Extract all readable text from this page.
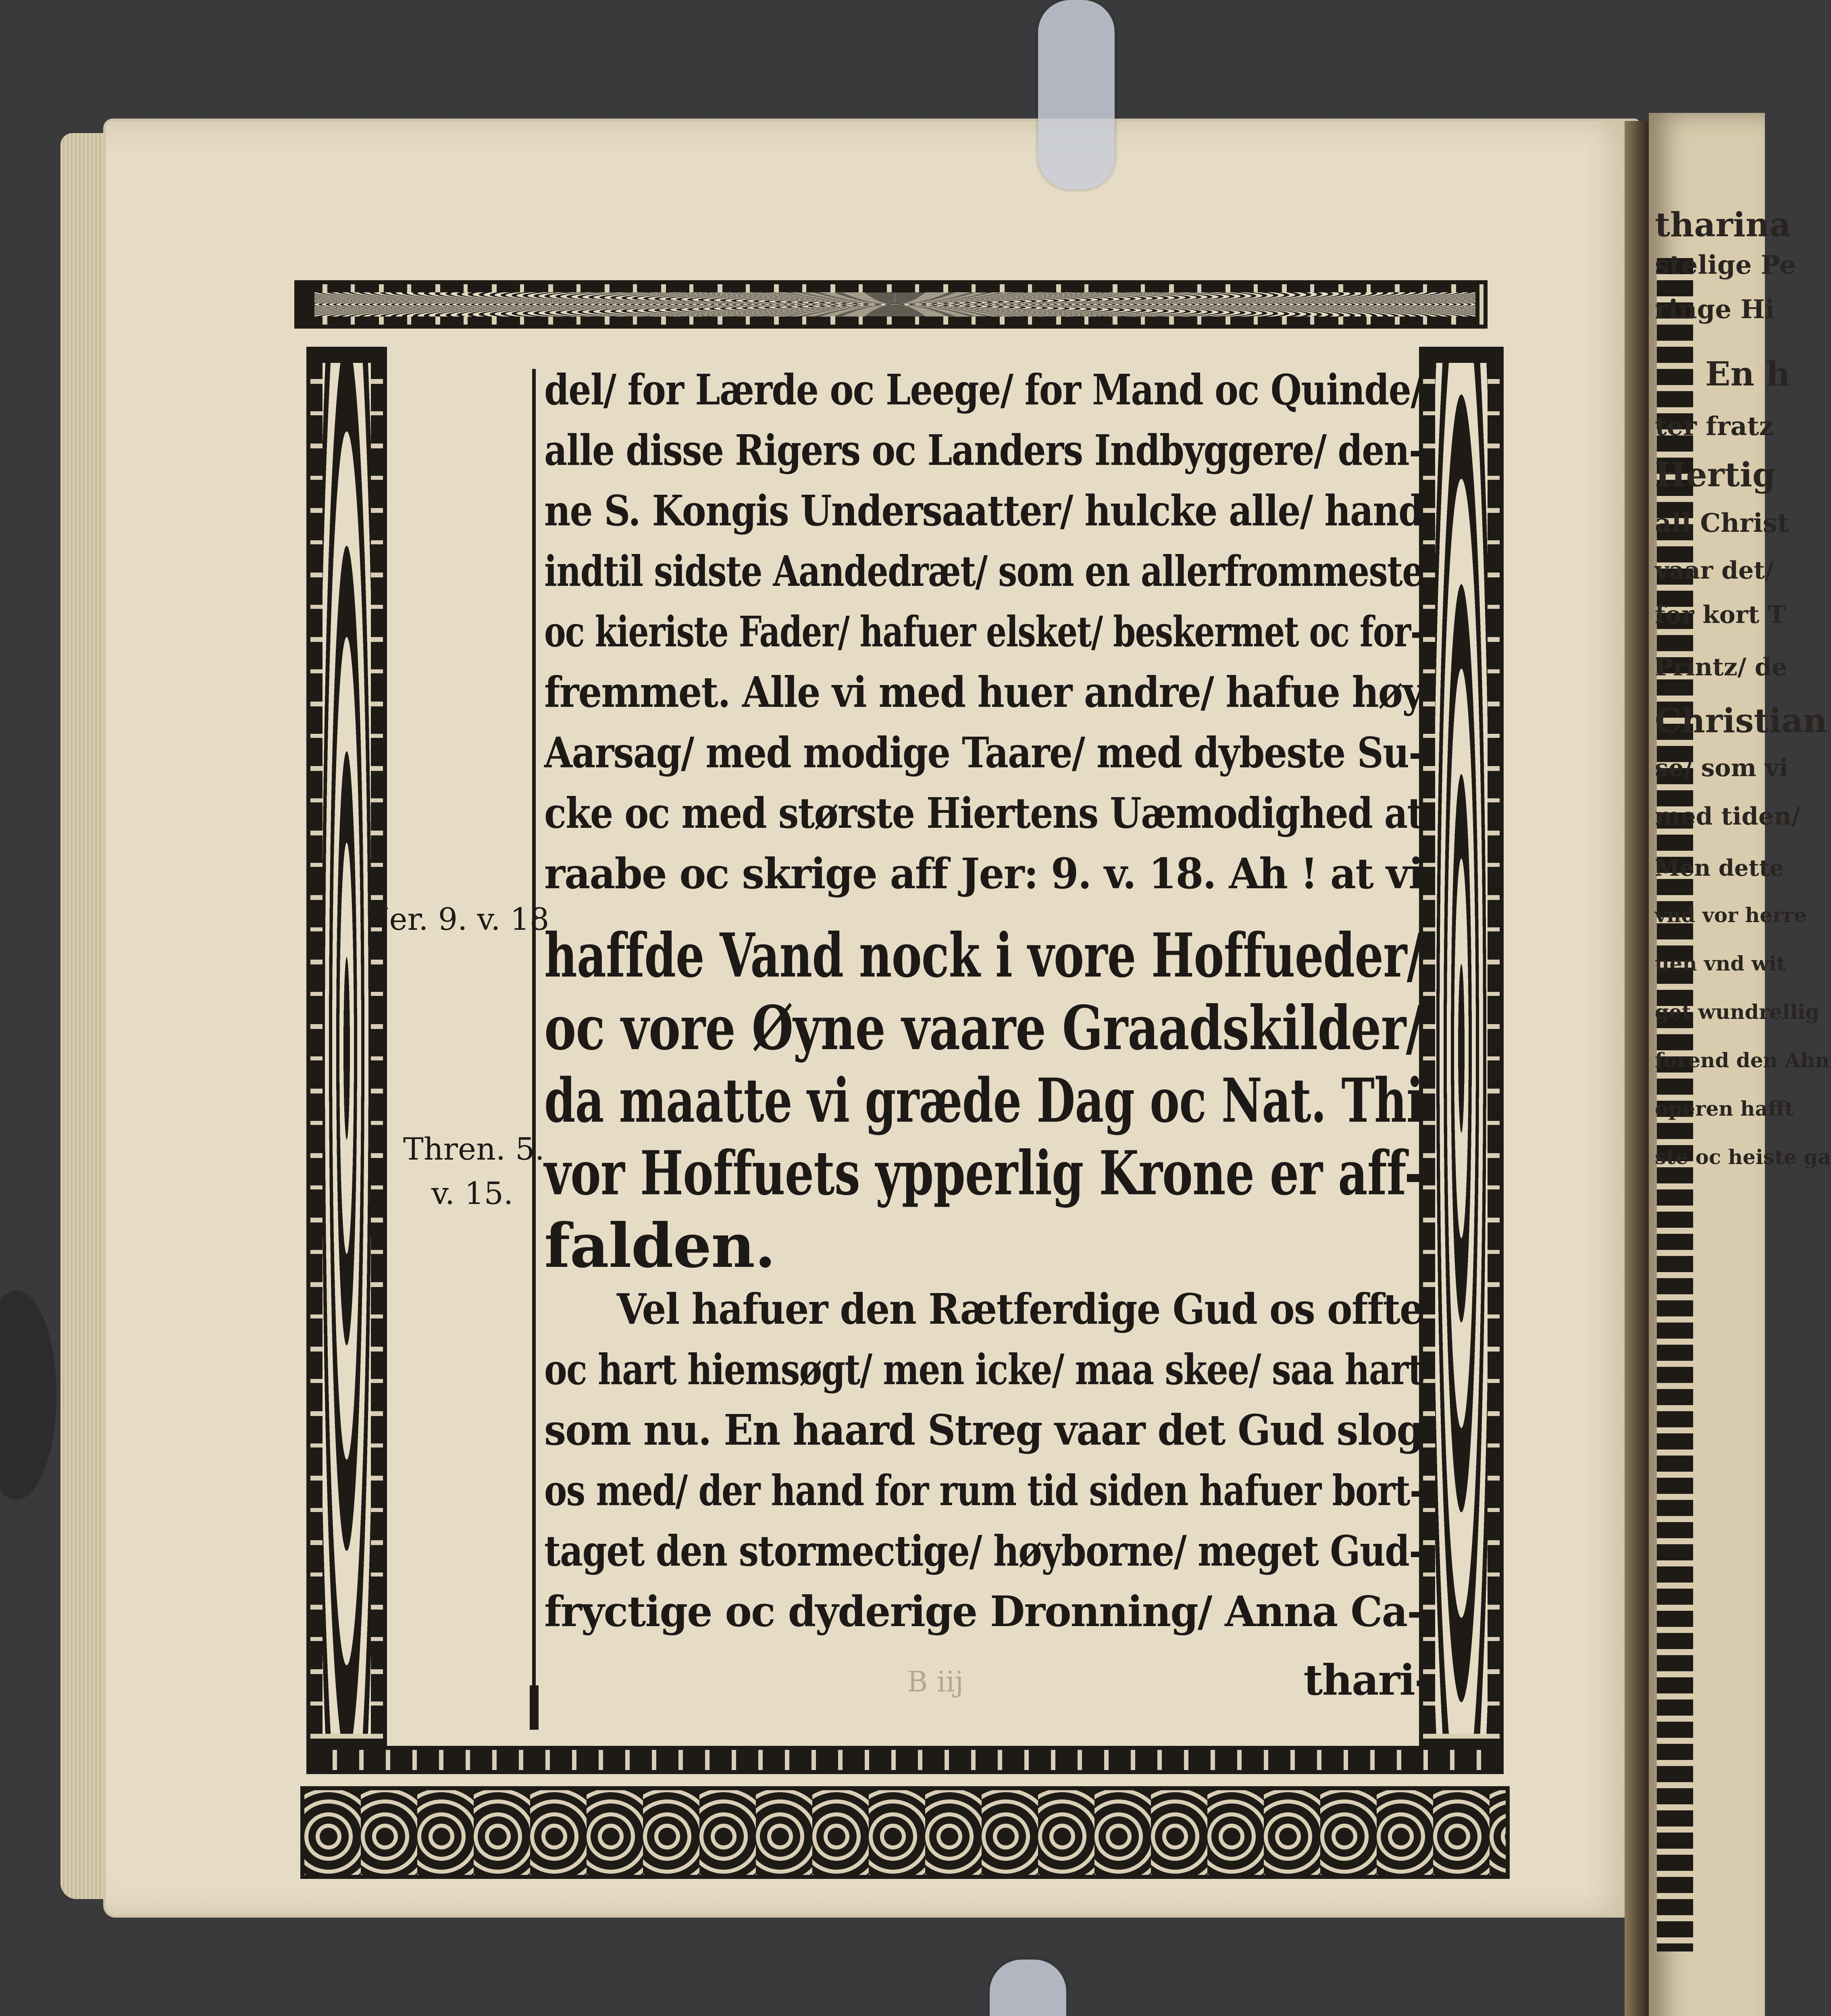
Jer. 9. v. 18
Thren. 5.
v. 15.
del/ for Lærde oc Leege/ for Mand oc Quinde/
alle disse Rigers oc Landers Indbyggere/ den-
ne S. Kongis Undersaatter/ hulcke alle/ hand
indtil sidste Aandedræt/ som en allerfrommeste
oc kieriste Fader/ hafuer elsket/ beskermet oc for-
fremmet. Alle vi med huer andre/ hafue høy
Aarsag/ med modige Taare/ med dybeste Su-
cke oc med største Hiertens Uæmodighed at
raabe oc skrige aff Jer: 9. v. 18. Ah ! at vi
haffde Vand nock i vore Hoffueder/
oc vore Øyne vaare Graadskilder/
da maatte vi græde Dag oc Nat. Thi
vor Hoffuets ypperlig Krone er aff-
falden.
Vel hafuer den Rætferdige Gud os offte
oc hart hiemsøgt/ men icke/ maa skee/ saa hart
som nu. En haard Streg vaar det Gud slog
os med/ der hand for rum tid siden hafuer bort-
taget den stormectige/ høyborne/ meget Gud-
fryctige oc dyderige Dronning/ Anna Ca-
thari-
B iij
tharina
stelige Pe
ringe Hi
En h
ter fratz
Hertig
all Christ
vaar det/
for kort T
Printz/ de
Christian
se/ som vi
med tiden/
Men dette
vnd vor herre
uen vnd wit
get wundrellig
forend den Ahn
operen hafft
ste oc heiste ga
